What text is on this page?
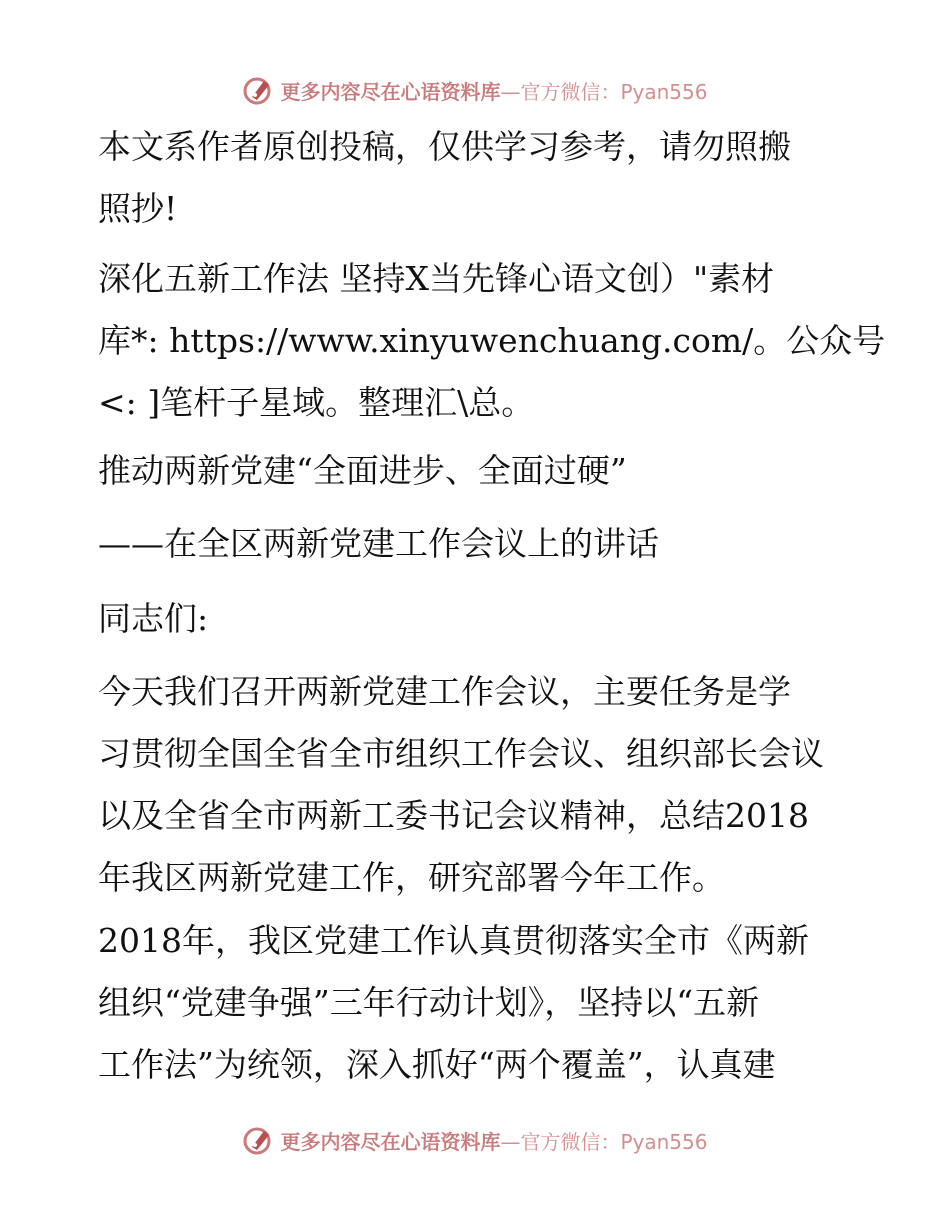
更多内容尽在心语资料库 —官方微信：Pyan556
本文系作者原创投稿，仅供学习参考，请勿照搬
照抄!
深化五新工作法 坚持X当先锋心语文创）"素材
库*: https://www.xinyuwenchuang.com/。公众号
<: ]笔杆子星域。整理汇\总。
推动两新党建“全面进步、全面过硬”
——在全区两新党建工作会议上的讲话
同志们:
今天我们召开两新党建工作会议，主要任务是学
习贯彻全国全省全市组织工作会议、组织部长会议
以及全省全市两新工委书记会议精神，总结2018
年我区两新党建工作，研究部署今年工作。
2018年，我区党建工作认真贯彻落实全市《两新
组织“党建争强”三年行动计划》，坚持以“五新
工作法”为统领，深入抓好“两个覆盖”，认真建
更多内容尽在心语资料库 —官方微信：Pyan556
